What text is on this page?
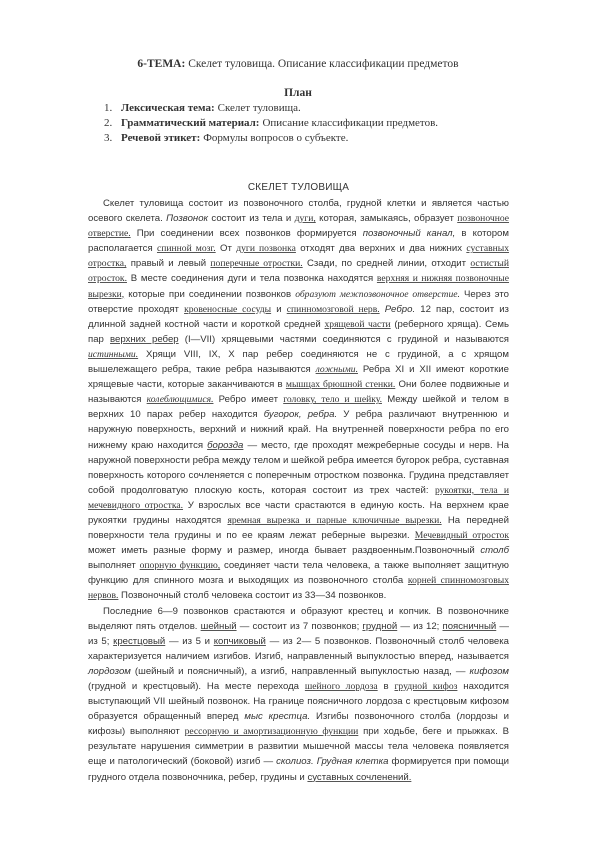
6-ТЕМА: Скелет туловища. Описание классификации предметов
План
1. Лексическая тема: Скелет туловища.
2. Грамматический материал: Описание классификации предметов.
3. Речевой этикет: Формулы вопросов о субъекте.
СКЕЛЕТ ТУЛОВИЩА

Скелет туловища состоит из позвоночного столба, грудной клетки и является частью осевого скелета. Позвонок состоит из тела и дуги, которая, замыкаясь, образует позвоночное отверстие. При соединении всех позвонков формируется позвоночный канал, в котором располагается спинной мозг. От дуги позвонка отходят два верхних и два нижних суставных отростка, правый и левый поперечные отростки. Сзади, по средней линии, отходит остистый отросток. В месте соединения дуги и тела позвонка находятся верхняя и нижняя позвоночные вырезки, которые при соединении позвонков образуют межпозвоночное отверстие. Через это отверстие проходят кровеносные сосуды и спинномозговой нерв. Ребро. 12 пар, состоит из длинной задней костной части и короткой средней хрящевой части (реберного хряща). Семь пар верхних ребер (I—VII) хрящевыми частями соединяются с грудиной и называются истинными. Хрящи VIII, IX, X пар ребер соединяются не с грудиной, а с хрящом вышележащего ребра, такие ребра называются ложными. Ребра XI и XII имеют короткие хрящевые части, которые заканчиваются в мышцах брюшной стенки. Они более подвижные и называются колеблющимися. Ребро имеет головку, тело и шейку. Между шейкой и телом в верхних 10 парах ребер находится бугорок, ребра. У ребра различают внутреннюю и наружную поверхность, верхний и нижний край. На внутренней поверхности ребра по его нижнему краю находится борозда — место, где проходят межреберные сосуды и нерв. На наружной поверхности ребра между телом и шейкой ребра имеется бугорок ребра, суставная поверхность которого сочленяется с поперечным отростком позвонка. Грудина представляет собой продолговатую плоскую кость, которая состоит из трех частей: рукоятки, тела и мечевидного отростка. У взрослых все части срастаются в единую кость. На верхнем крае рукоятки грудины находятся яремная вырезка и парные ключичные вырезки. На передней поверхности тела грудины и по ее краям лежат реберные вырезки. Мечевидный отросток может иметь разные форму и размер, иногда бывает раздвоенным.Позвоночный столб выполняет опорную функцию, соединяет части тела человека, а также выполняет защитную функцию для спинного мозга и выходящих из позвоночного столба корней спинномозговых нервов. Позвоночный столб человека состоит из 33—34 позвонков.

Последние 6—9 позвонков срастаются и образуют крестец и копчик. В позвоночнике выделяют пять отделов. шейный — состоит из 7 позвонков; грудной — из 12; поясничный — из 5; крестцовый — из 5 и копчиковый — из 2— 5 позвонков. Позвоночный столб человека характеризуется наличием изгибов. Изгиб, направленный выпуклостью вперед, называется лордозом (шейный и поясничный), а изгиб, направленный выпуклостью назад, — кифозом (грудной и крестцовый). На месте перехода шейного лордоза в грудной кифоз находится выступающий VII шейный позвонок. На границе поясничного лордоза с крестцовым кифозом образуется обращенный вперед мыс крестца. Изгибы позвоночного столба (лордозы и кифозы) выполняют рессорную и амортизационную функции при ходьбе, беге и прыжках. В результате нарушения симметрии в развитии мышечной массы тела человека появляется еще и патологический (боковой) изгиб — сколиоз. Грудная клетка формируется при помощи грудного отдела позвоночника, ребер, грудины и суставных сочленений.
